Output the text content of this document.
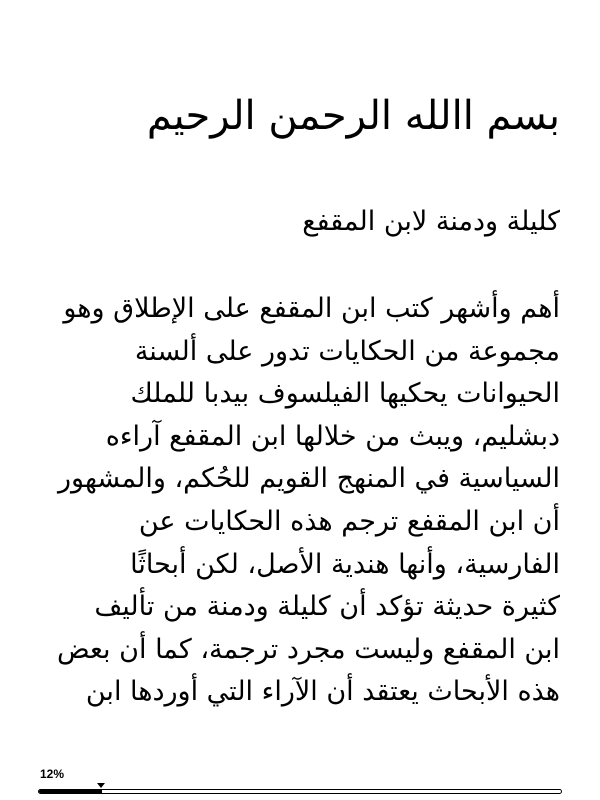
بسم االله الرحمن الرحيم
كليلة ودمنة لابن المقفع
أهم وأشهر كتب ابن المقفع على الإطلاق وهو
مجموعة من الحكايات تدور على ألسنة
الحيوانات يحكيها الفيلسوف بيدبا للملك
دبشليم، ويبث من خلالها ابن المقفع آراءه
السياسية في المنهج القويم للحُكم، والمشهور
أن ابن المقفع ترجم هذه الحكايات عن
الفارسية، وأنها هندية الأصل، لكن أبحاثًا
كثيرة حديثة تؤكد أن كليلة ودمنة من تأليف
ابن المقفع وليست مجرد ترجمة، كما أن بعض
هذه الأبحاث يعتقد أن الآراء التي أوردها ابن
12%
